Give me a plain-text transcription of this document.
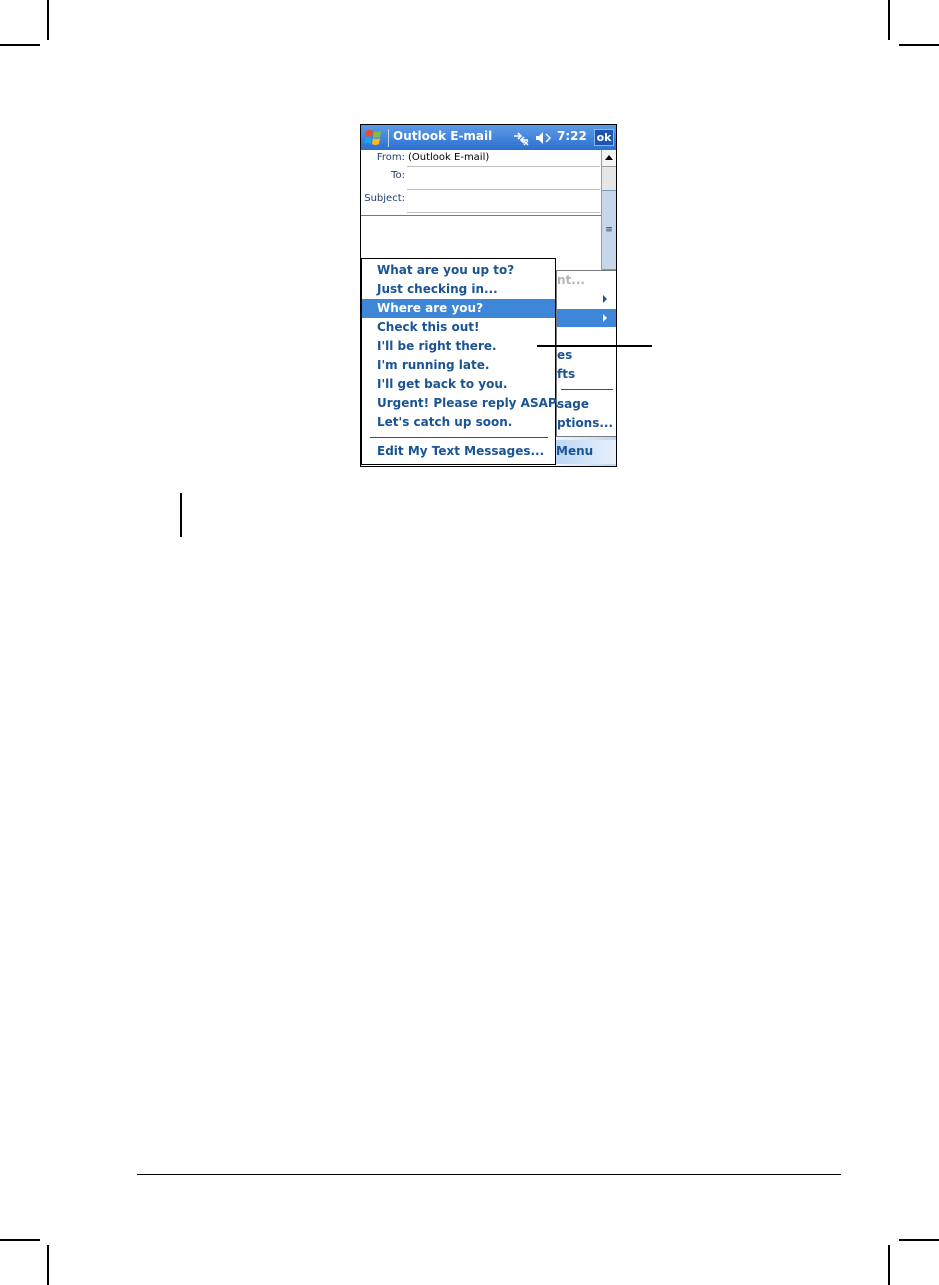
Outlook E-mail	7:22 ok
From: (Outlook E-mail)
To:
Subject:
≡
nt...
es
fts
sage
ptions...
Menu
What are you up to?
Just checking in...
Where are you?
Check this out!
I'll be right there.
I'm running late.
I'll get back to you.
Urgent! Please reply ASAP.
Let's catch up soon.
Edit My Text Messages...
